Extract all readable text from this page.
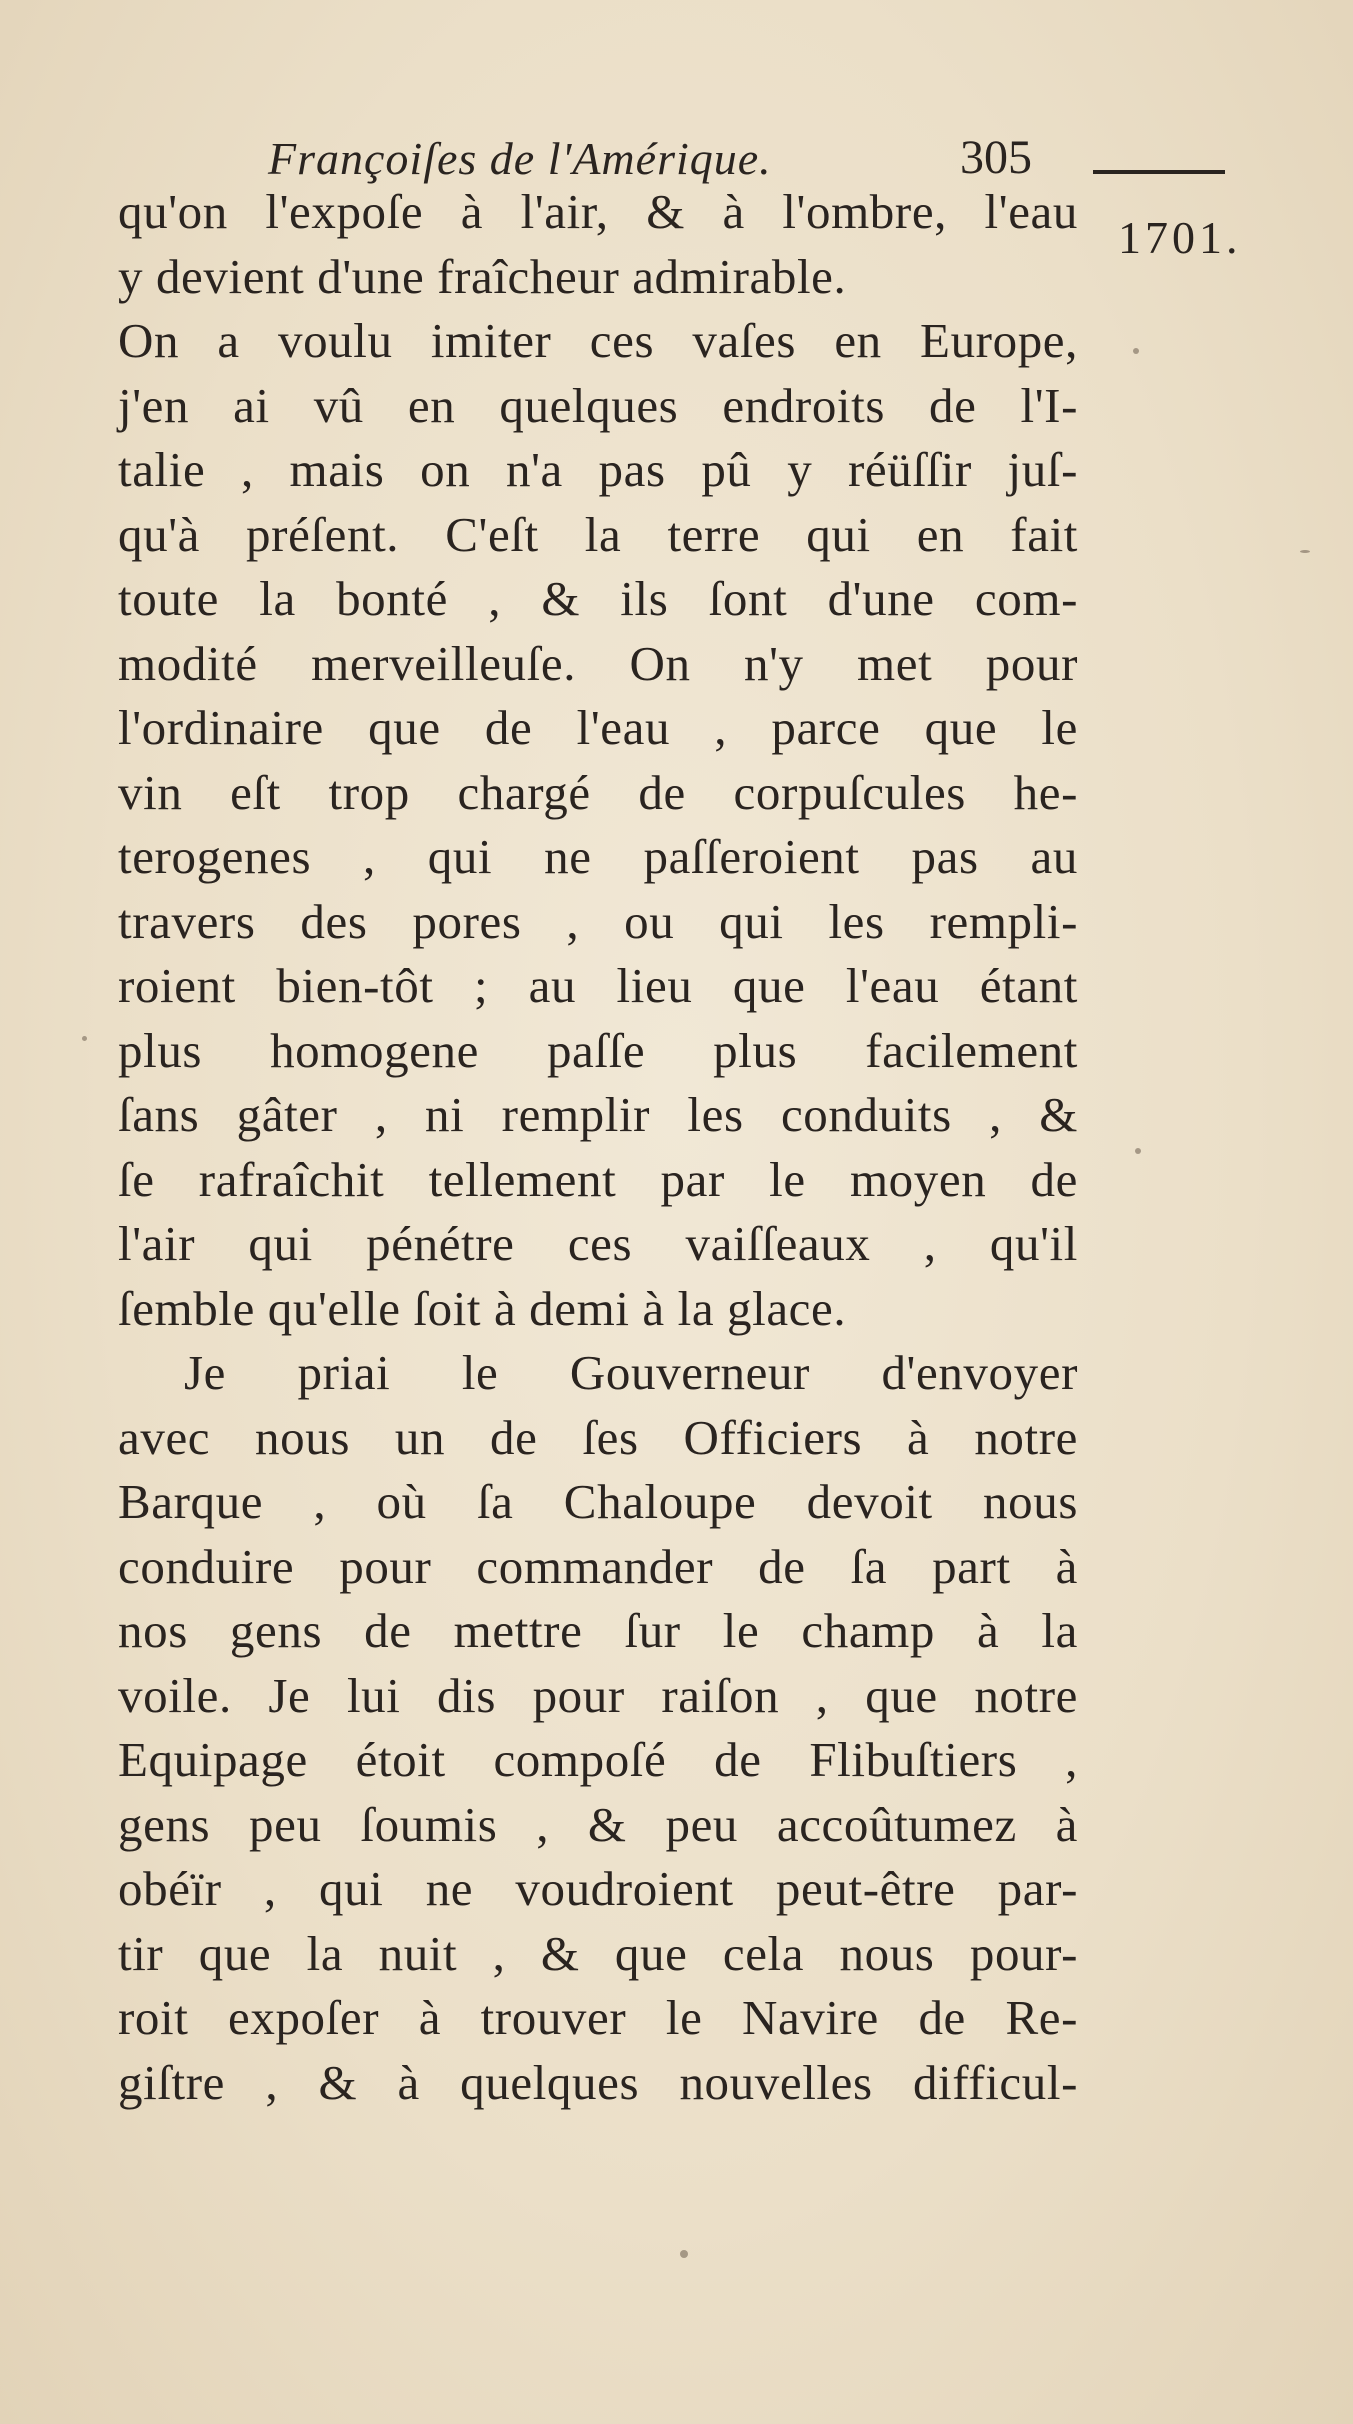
Françoiſes de l'Amérique.	305
1701.
qu'on l'expoſe à l'air, & à l'ombre, l'eau
y devient d'une fraîcheur admirable.
On a voulu imiter ces vaſes en Europe,
j'en ai vû en quelques endroits de l'I-
talie , mais on n'a pas pû y réüſſir juſ-
qu'à préſent. C'eſt la terre qui en fait
toute la bonté , & ils ſont d'une com-
modité merveilleuſe. On n'y met pour
l'ordinaire que de l'eau , parce que le
vin eſt trop chargé de corpuſcules he-
terogenes , qui ne paſſeroient pas au
travers des pores , ou qui les rempli-
roient bien-tôt ; au lieu que l'eau étant
plus homogene paſſe plus facilement
ſans gâter , ni remplir les conduits , &
ſe rafraîchit tellement par le moyen de
l'air qui pénétre ces vaiſſeaux , qu'il
ſemble qu'elle ſoit à demi à la glace.
Je priai le Gouverneur d'envoyer
avec nous un de ſes Officiers à notre
Barque , où ſa Chaloupe devoit nous
conduire pour commander de ſa part à
nos gens de mettre ſur le champ à la
voile. Je lui dis pour raiſon , que notre
Equipage étoit compoſé de Flibuſtiers ,
gens peu ſoumis , & peu accoûtumez à
obéïr , qui ne voudroient peut-être par-
tir que la nuit , & que cela nous pour-
roit expoſer à trouver le Navire de Re-
giſtre , & à quelques nouvelles difficul-
